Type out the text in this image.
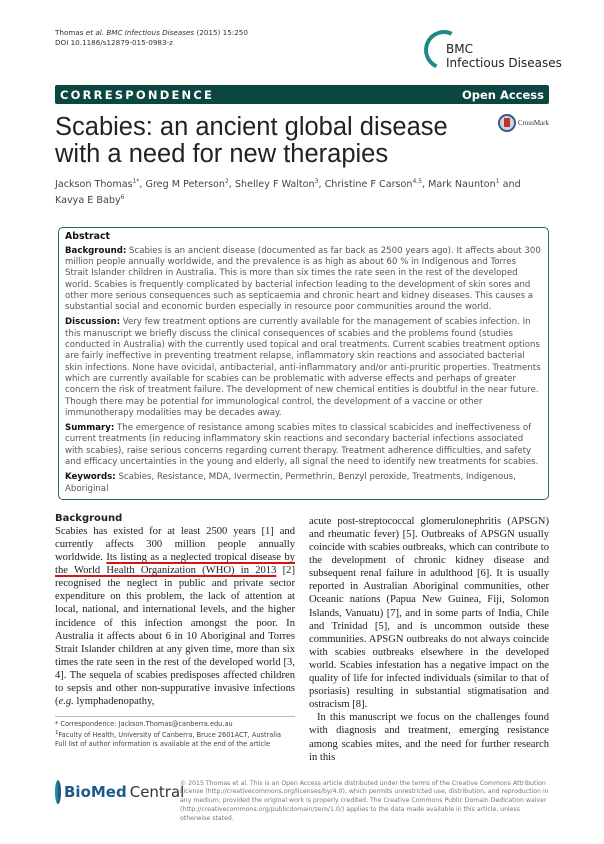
Thomas et al. BMC Infectious Diseases (2015) 15:250
DOI 10.1186/s12879-015-0983-z	BMC
Infectious Diseases
CORRESPONDENCE	Open Access
Scabies: an ancient global disease with a need for new therapies
CrossMark
Jackson Thomas$^{1*}$, Greg M Peterson$^2$, Shelley F Walton$^3$, Christine F Carson$^{4,5}$, Mark Naunton$^1$ and Kavya E Baby$^6$
Abstract

Background: Scabies is an ancient disease (documented as far back as 2500 years ago). It affects about 300 million people annually worldwide, and the prevalence is as high as about 60 % in Indigenous and Torres Strait Islander children in Australia. This is more than six times the rate seen in the rest of the developed world. Scabies is frequently complicated by bacterial infection leading to the development of skin sores and other more serious consequences such as septicaemia and chronic heart and kidney diseases. This causes a substantial social and economic burden especially in resource poor communities around the world.

Discussion: Very few treatment options are currently available for the management of scabies infection. In this manuscript we briefly discuss the clinical consequences of scabies and the problems found (studies conducted in Australia) with the currently used topical and oral treatments. Current scabies treatment options are fairly ineffective in preventing treatment relapse, inflammatory skin reactions and associated bacterial skin infections. None have ovicidal, antibacterial, anti-inflammatory and/or anti-pruritic properties. Treatments which are currently available for scabies can be problematic with adverse effects and perhaps of greater concern the risk of treatment failure. The development of new chemical entities is doubtful in the near future. Though there may be potential for immunological control, the development of a vaccine or other immunotherapy modalities may be decades away.

Summary: The emergence of resistance among scabies mites to classical scabicides and ineffectiveness of current treatments (in reducing inflammatory skin reactions and secondary bacterial infections associated with scabies), raise serious concerns regarding current therapy. Treatment adherence difficulties, and safety and efficacy uncertainties in the young and elderly, all signal the need to identify new treatments for scabies.

Keywords: Scabies, Resistance, MDA, Ivermectin, Permethrin, Benzyl peroxide, Treatments, Indigenous, Aboriginal

Background

Scabies has existed for at least 2500 years [1] and currently affects 300 million people annually worldwide. Its listing as a neglected tropical disease by the World Health Organization (WHO) in 2013 [2] recognised the neglect in public and private sector expenditure on this problem, the lack of attention at local, national, and international levels, and the higher incidence of this infection amongst the poor. In Australia it affects about 6 in 10 Aboriginal and Torres Strait Islander children at any given time, more than six times the rate seen in the rest of the developed world [3, 4]. The sequela of scabies predisposes affected children to sepsis and other non-suppurative invasive infections (e.g. lymphadenopathy,

* Correspondence: Jackson.Thomas@canberra.edu.au
$^1$Faculty of Health, University of Canberra, Bruce 2601ACT, Australia
Full list of author information is available at the end of the article

acute post-streptococcal glomerulonephritis (APSGN) and rheumatic fever) [5]. Outbreaks of APSGN usually coincide with scabies outbreaks, which can contribute to the development of chronic kidney disease and subsequent renal failure in adulthood [6]. It is usually reported in Australian Aboriginal communities, other Oceanic nations (Papua New Guinea, Fiji, Solomon Islands, Vanuatu) [7], and in some parts of India, Chile and Trinidad [5], and is uncommon outside these communities. APSGN outbreaks do not always coincide with scabies outbreaks elsewhere in the developed world. Scabies infestation has a negative impact on the quality of life for infected individuals (similar to that of psoriasis) resulting in substantial stigmatisation and ostracism [8].

In this manuscript we focus on the challenges found with diagnosis and treatment, emerging resistance among scabies mites, and the need for further research in this

BioMed Central
© 2015 Thomas et al. This is an Open Access article distributed under the terms of the Creative Commons Attribution License (http://creativecommons.org/licenses/by/4.0), which permits unrestricted use, distribution, and reproduction in any medium, provided the original work is properly credited. The Creative Commons Public Domain Dedication waiver (http://creativecommons.org/publicdomain/zero/1.0/) applies to the data made available in this article, unless otherwise stated.
